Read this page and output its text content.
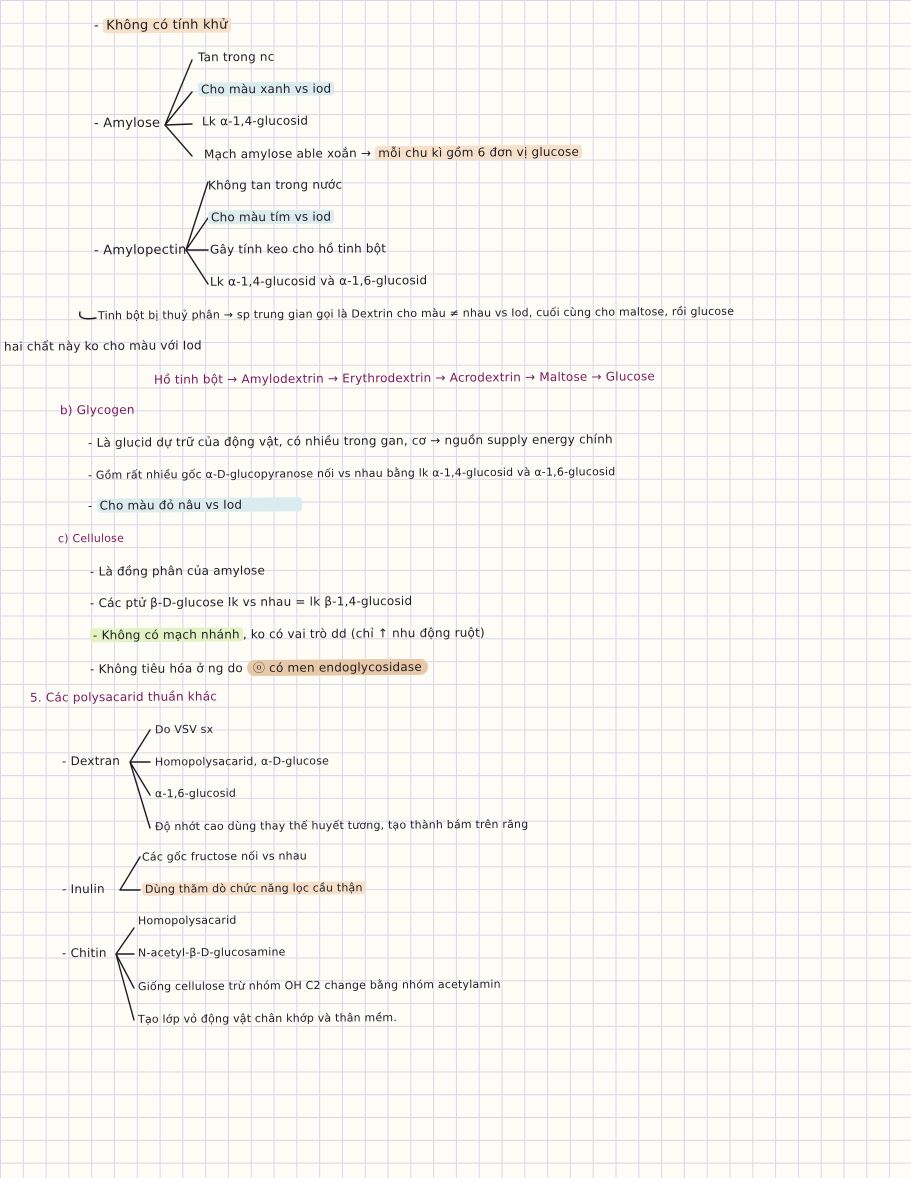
- Không có tính khử
- Amylose
Tan trong nc
Cho màu xanh vs iod
Lk α-1,4-glucosid
Mạch amylose able xoắn → mỗi chu kì gồm 6 đơn vị glucose
- Amylopectin
Không tan trong nước
Cho màu tím vs iod
Gây tính keo cho hồ tinh bột
Lk α-1,4-glucosid và α-1,6-glucosid
Tinh bột bị thuỷ phân → sp trung gian gọi là Dextrin cho màu ≠ nhau vs Iod, cuối cùng cho maltose, rồi glucose
hai chất này ko cho màu với Iod
Hồ tinh bột → Amylodextrin → Erythrodextrin → Acrodextrin → Maltose → Glucose
b) Glycogen
- Là glucid dự trữ của động vật, có nhiều trong gan, cơ → nguồn supply energy chính
- Gồm rất nhiều gốc α-D-glucopyranose nối vs nhau bằng lk α-1,4-glucosid và α-1,6-glucosid
- Cho màu đỏ nâu vs Iod
c) Cellulose
- Là đồng phân của amylose
- Các ptử β-D-glucose lk vs nhau = lk β-1,4-glucosid
- Không có mạch nhánh , ko có vai trò dd (chỉ ↑ nhu động ruột)
- Không tiêu hóa ở ng do ⓞ có men endoglycosidase
5. Các polysacarid thuần khác
- Dextran
Do VSV sx
Homopolysacarid, α-D-glucose
α-1,6-glucosid
Độ nhớt cao dùng thay thế huyết tương, tạo thành bám trên răng
- Inulin
Các gốc fructose nối vs nhau
Dùng thăm dò chức năng lọc cầu thận
- Chitin
Homopolysacarid
N-acetyl-β-D-glucosamine
Giống cellulose trừ nhóm OH C2 change bằng nhóm acetylamin
Tạo lớp vỏ động vật chân khớp và thân mềm.
